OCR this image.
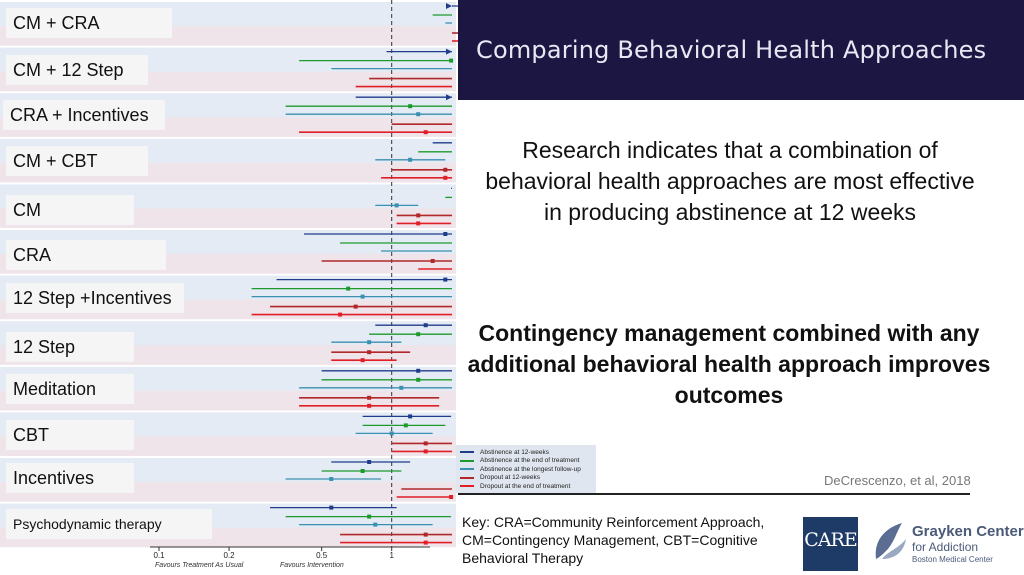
0.1	0.2	0.5	1
Favours Treatment As Usual	Favours Intervention
CM + CRA
CM + 12 Step
CRA + Incentives
CM + CBT
CM
CRA
12 Step +Incentives
12 Step
Meditation
CBT
Incentives
Psychodynamic therapy
Comparing Behavioral Health Approaches
Research indicates that a combination of behavioral health approaches are most effective in producing abstinence at 12 weeks
Contingency management combined with any additional behavioral health approach improves outcomes
Abstinence at 12-weeks
Abstinence at the end of treatment
Abstinence at the longest follow-up
Dropout at 12-weeks
Dropout at the end of treatment	DeCrescenzo, et al, 2018
Key: CRA=Community Reinforcement Approach, CM=Contingency Management, CBT=Cognitive Behavioral Therapy
CARE
	Grayken Center
for Addiction
Boston Medical Center
